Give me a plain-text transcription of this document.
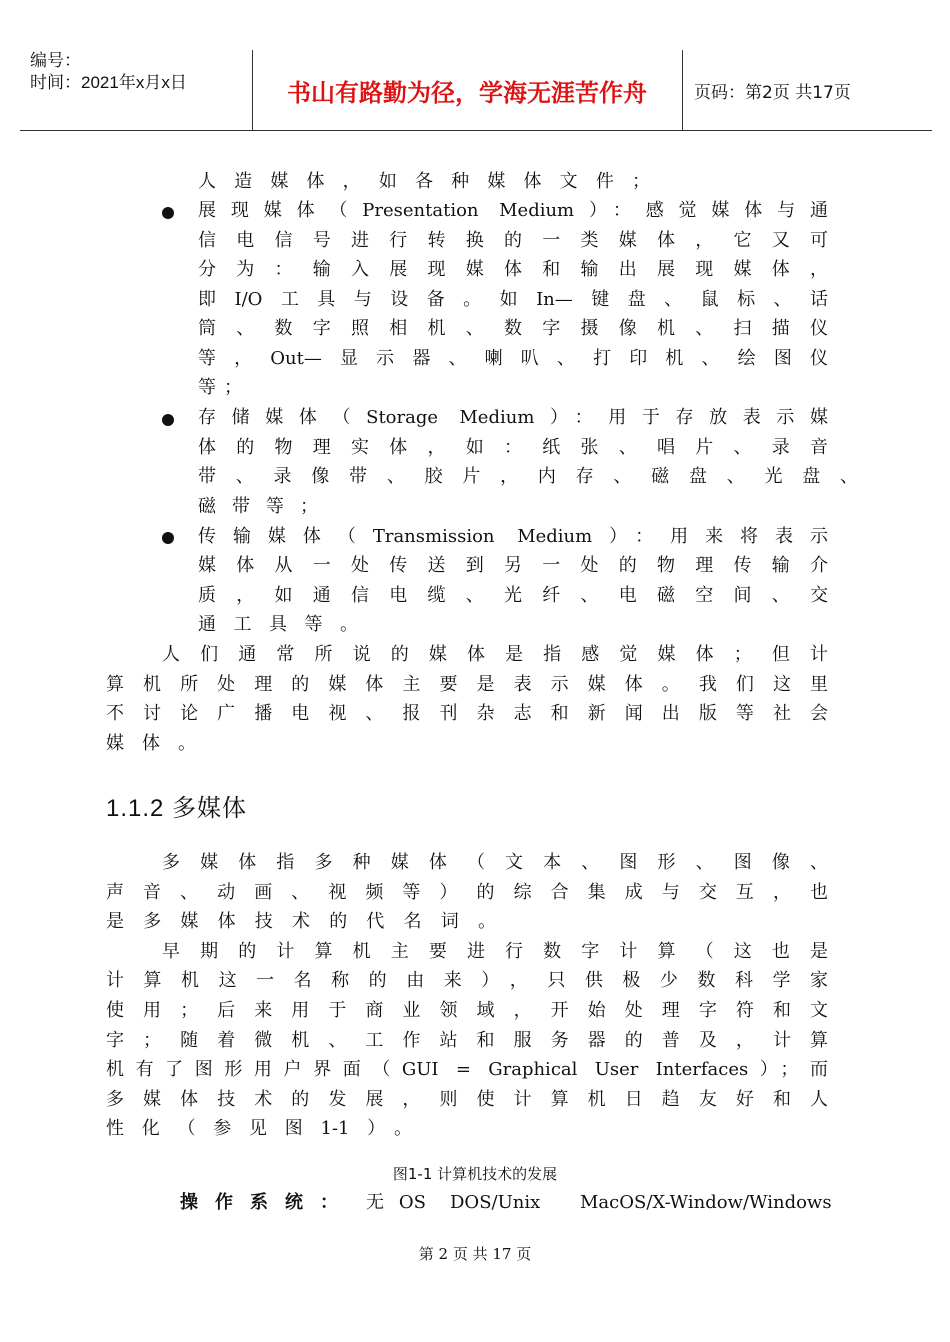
编号：
时间：2021年x月x日	书山有路勤为径，学海无涯苦作舟	页码：第2页 共17页
人造媒体，如各种媒体文件；
展现媒体（Presentation Medium）：感觉媒体与通
信电信号进行转换的一类媒体，它又可
分为：输入展现媒体和输出展现媒体，
即I/O工具与设备。如In—键盘、鼠标、话
筒、数字照相机、数字摄像机、扫描仪
等，Out—显示器、喇叭、打印机、绘图仪
等；
存储媒体（Storage Medium）：用于存放表示媒
体的物理实体，如：纸张、唱片、录音
带、录像带、胶片，内存、磁盘、光盘、
磁带等；
传输媒体（Transmission Medium）：用来将表示
媒体从一处传送到另一处的物理传输介
质，如通信电缆、光纤、电磁空间、交
通工具等。
人们通常所说的媒体是指感觉媒体；但计
算机所处理的媒体主要是表示媒体。我们这里
不讨论广播电视、报刊杂志和新闻出版等社会
媒体。
1.1.2 多媒体
多媒体指多种媒体（文本、图形、图像、
声音、动画、视频等）的综合集成与交互，也
是多媒体技术的代名词。
早期的计算机主要进行数字计算（这也是
计算机这一名称的由来），只供极少数科学家
使用；后来用于商业领域，开始处理字符和文
字；随着微机、工作站和服务器的普及，计算
机有了图形用户界面（GUI = Graphical User Interfaces）；而
多媒体技术的发展，则使计算机日趋友好和人
性化（参见图1-1）。
图1-1 计算机技术的发展
操作系统： 无OS DOS/Unix MacOS/X-Window/Windows
第 2 页 共 17 页
